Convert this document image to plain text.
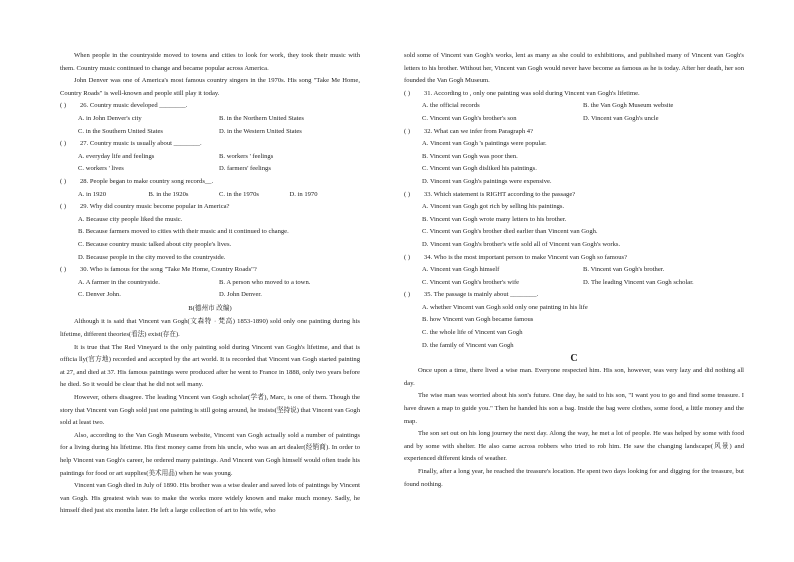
When people in the countryside moved to towns and cities to look for work, they took their music with them. Country music continued to change and became popular across America.

John Denver was one of America's most famous country singers in the 1970s. His song "Take Me Home, Country Roads" is well-known and people still play it today.

( )	26. Country music developed ________.
A. in John Denver's city	B. in the Northern United States
C. in the Southern United States	D. in the Western United States
( )	27. Country music is usually about ________.
A. everyday life and feelings	B. workers ' feelings
C. workers ' lives	D. farmers' feelings
( )	28. People began to make country song records__.
A. in 1920	B. in the 1920s	C. in the 1970s	D. in 1970
( )	29. Why did country music become popular in America?
A. Because city people liked the music.
B. Because farmers moved to cities with their music and it continued to change.
C. Because country music talked about city people's lives.
D. Because people in the city moved to the countryside.
( )	30. Who is famous for the song "Take Me Home, Country Roads"?
A. A farmer in the countryside.	B. A person who moved to a town.
C. Denver John.	D. John Denver.
B(德州市 改编)

Although it is said that Vincent van Gogh(文森特 · 梵高) 1853-1890) sold only one painting during his lifetime, different theories(看法) exist(存在).

It is true that The Red Vineyard is the only painting sold during Vincent van Gogh's lifetime, and that is officia lly(官方地) recorded and accepted by the art world. It is recorded that Vincent van Gogh started painting at 27, and died at 37. His famous paintings were produced after he went to France in 1888, only two years before he died. So it would be clear that he did not sell many.

However, others disagree. The leading Vincent van Gogh scholar(学者), Marc, is one of them. Though the story that Vincent van Gogh sold just one painting is still going around, he insists(坚持说) that Vincent van Gogh sold at least two.

Also, according to the Van Gogh Museum website, Vincent van Gogh actually sold a number of paintings for a living during his lifetime. His first money came from his uncle, who was an art dealer(经销商). In order to help Vincent van Gogh's career, he ordered many paintings. And Vincent van Gogh himself would often trade his paintings for food or art supplies(美术用品) when he was young.

Vincent van Gogh died in July of 1890. His brother was a wise dealer and saved lots of paintings by Vincent van Gogh. His greatest wish was to make the works more widely known and make much money. Sadly, he himself died just six months later. He left a large collection of art to his wife, who

sold some of Vincent van Gogh's works, lent as many as she could to exhibitions, and published many of Vincent van Gogh's letters to his brother. Without her, Vincent van Gogh would never have become as famous as he is today. After her death, her son founded the Van Gogh Museum.

( )	31. According to , only one painting was sold during Vincent van Gogh's lifetime.
A. the official records	B. the Van Gogh Museum website
C. Vincent van Gogh's brother's son	D. Vincent van Gogh's uncle
( )	32. What can we infer from Paragraph 4?
A. Vincent van Gogh 's paintings were popular.
B. Vincent van Gogh was poor then.
C. Vincent van Gogh disliked his paintings.
D. Vincent van Gogh's paintings were expensive.
( )	33. Which statement is RIGHT according to the passage?
A. Vincent van Gogh got rich by selling his paintings.
B. Vincent van Gogh wrote many letters to his brother.
C. Vincent van Gogh's brother died earlier than Vincent van Gogh.
D. Vincent van Gogh's brother's wife sold all of Vincent van Gogh's works.
( )	34. Who is the most important person to make Vincent van Gogh so famous?
A. Vincent van Gogh himself	B. Vincent van Gogh's brother.
C. Vincent van Gogh's brother's wife	D. The leading Vincent van Gogh scholar.
( )	35. The passage is mainly about ________.
A. whether Vincent van Gogh sold only one painting in his life
B. how Vincent van Gogh became famous
C. the whole life of Vincent van Gogh
D. the family of Vincent van Gogh
C

Once upon a time, there lived a wise man. Everyone respected him. His son, however, was very lazy and did nothing all day.

The wise man was worried about his son's future. One day, he said to his son, "I want you to go and find some treasure. I have drawn a map to guide you." Then he handed his son a bag. Inside the bag were clothes, some food, a little money and the map.

The son set out on his long journey the next day. Along the way, he met a lot of people. He was helped by some with food and by some with shelter. He also came across robbers who tried to rob him. He saw the changing landscape(风景) and experienced different kinds of weather.

Finally, after a long year, he reached the treasure's location. He spent two days looking for and digging for the treasure, but found nothing.
